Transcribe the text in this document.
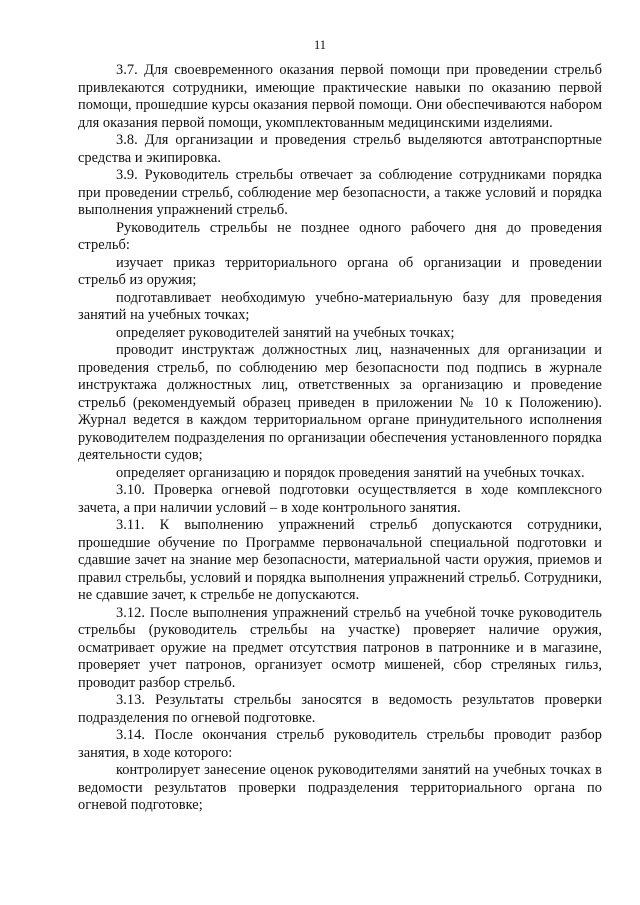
11

3.7. Для своевременного оказания первой помощи при проведении стрельб привлекаются сотрудники, имеющие практические навыки по оказанию первой помощи, прошедшие курсы оказания первой помощи. Они обеспечиваются набором для оказания первой помощи, укомплектованным медицинскими изделиями.

3.8. Для организации и проведения стрельб выделяются автотранспортные средства и экипировка.

3.9. Руководитель стрельбы отвечает за соблюдение сотрудниками порядка при проведении стрельб, соблюдение мер безопасности, а также условий и порядка выполнения упражнений стрельб.

Руководитель стрельбы не позднее одного рабочего дня до проведения стрельб:

изучает приказ территориального органа об организации и проведении стрельб из оружия;

подготавливает необходимую учебно-материальную базу для проведения занятий на учебных точках;

определяет руководителей занятий на учебных точках;

проводит инструктаж должностных лиц, назначенных для организации и проведения стрельб, по соблюдению мер безопасности под подпись в журнале инструктажа должностных лиц, ответственных за организацию и проведение стрельб (рекомендуемый образец приведен в приложении № 10 к Положению). Журнал ведется в каждом территориальном органе принудительного исполнения руководителем подразделения по организации обеспечения установленного порядка деятельности судов;

определяет организацию и порядок проведения занятий на учебных точках.

3.10. Проверка огневой подготовки осуществляется в ходе комплексного зачета, а при наличии условий – в ходе контрольного занятия.

3.11. К выполнению упражнений стрельб допускаются сотрудники, прошедшие обучение по Программе первоначальной специальной подготовки и сдавшие зачет на знание мер безопасности, материальной части оружия, приемов и правил стрельбы, условий и порядка выполнения упражнений стрельб. Сотрудники, не сдавшие зачет, к стрельбе не допускаются.

3.12. После выполнения упражнений стрельб на учебной точке руководитель стрельбы (руководитель стрельбы на участке) проверяет наличие оружия, осматривает оружие на предмет отсутствия патронов в патроннике и в магазине, проверяет учет патронов, организует осмотр мишеней, сбор стреляных гильз, проводит разбор стрельб.

3.13. Результаты стрельбы заносятся в ведомость результатов проверки подразделения по огневой подготовке.

3.14. После окончания стрельб руководитель стрельбы проводит разбор занятия, в ходе которого:

контролирует занесение оценок руководителями занятий на учебных точках в ведомости результатов проверки подразделения территориального органа по огневой подготовке;
